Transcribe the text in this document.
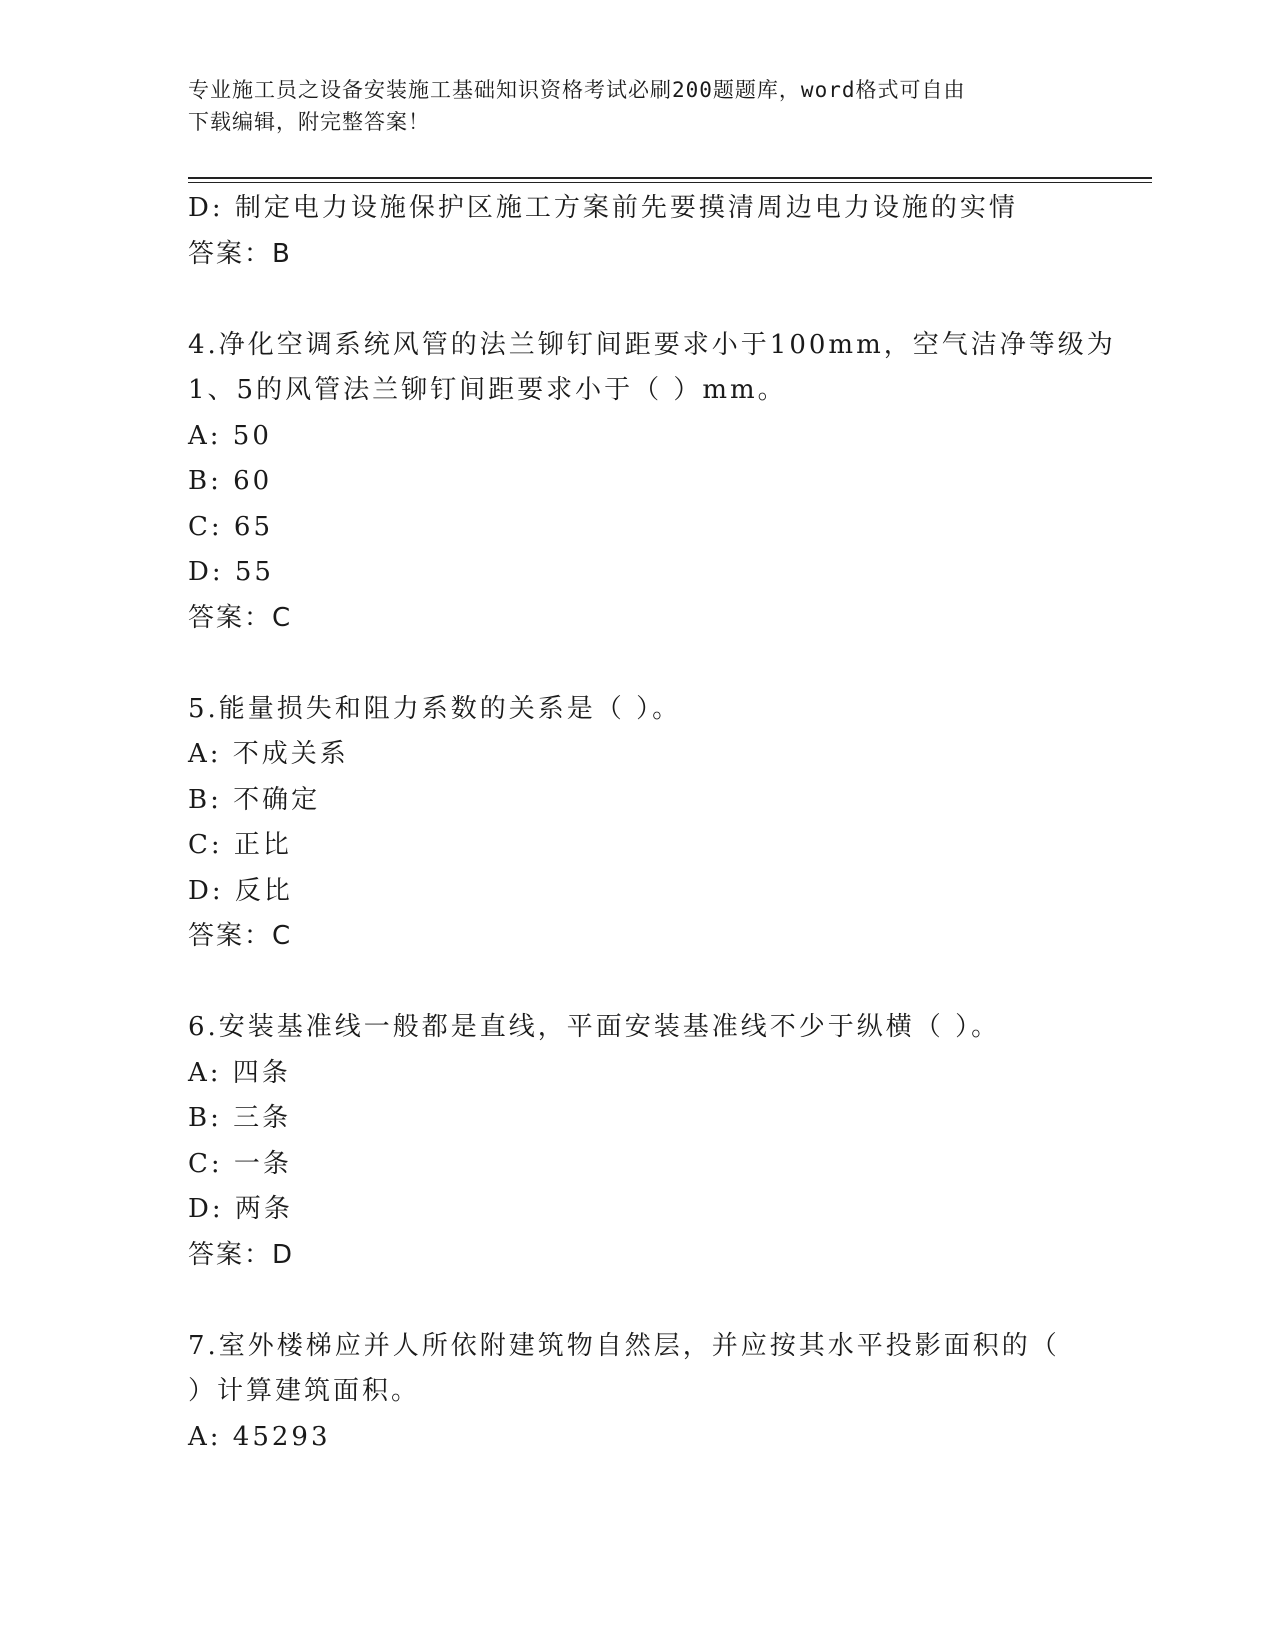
专业施工员之设备安装施工基础知识资格考试必刷200题题库，word格式可自由
下载编辑，附完整答案！
D: 制定电力设施保护区施工方案前先要摸清周边电力设施的实情
答案：B
4.净化空调系统风管的法兰铆钉间距要求小于100mm，空气洁净等级为
1、5的风管法兰铆钉间距要求小于（ ）mm。
A: 50
B: 60
C: 65
D: 55
答案：C
5.能量损失和阻力系数的关系是（ ）。
A: 不成关系
B: 不确定
C: 正比
D: 反比
答案：C
6.安装基准线一般都是直线，平面安装基准线不少于纵横（ ）。
A: 四条
B: 三条
C: 一条
D: 两条
答案：D
7.室外楼梯应并人所依附建筑物自然层，并应按其水平投影面积的（
）计算建筑面积。
A: 45293
